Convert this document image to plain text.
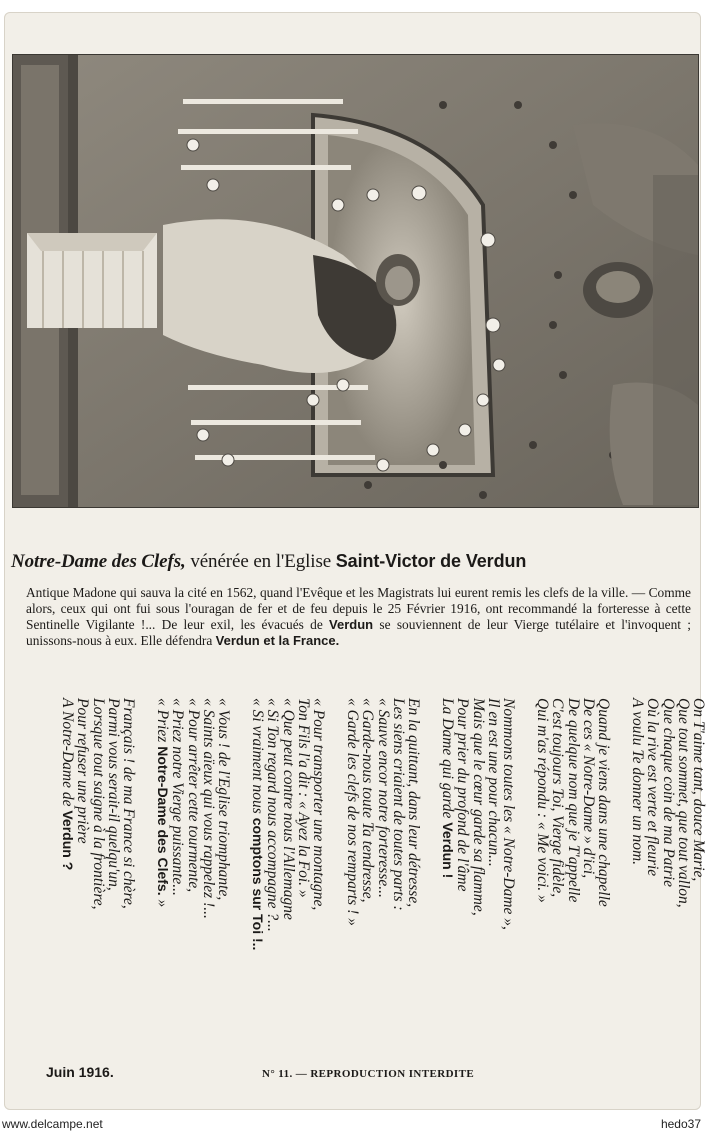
Notre-Dame des Clefs, vénérée en l'Eglise Saint-Victor de Verdun
Antique Madone qui sauva la cité en 1562, quand l'Evêque et les Magistrats lui eurent remis les clefs de la ville. — Comme alors, ceux qui ont fui sous l'ouragan de fer et de feu depuis le 25 Février 1916, ont recommandé la forteresse à cette Sentinelle Vigilante !... De leur exil, les évacués de Verdun se souviennent de leur Vierge tutélaire et l'invoquent ; unissons-nous à eux. Elle défendra Verdun et la France.
On T'aime tant, douce Marie,
Que tout sommet, que tout vallon,
Que chaque coin de ma Patrie
Où la rive est verte et fleurie
A voulu Te donner un nom.
Quand je viens dans une chapelle
De ces « Notre-Dame » d'ici,
De quelque nom que je T'appelle
C'est toujours Toi, Vierge fidèle,
Qui m'as répondu : « Me voici. »
Nommons toutes les « Notre-Dame »,
Il en est une pour chacun...
Mais que le cœur garde sa flamme,
Pour prier du profond de l'âme
La Dame qui garde Verdun !
En la quittant, dans leur détresse,
Les siens criaient de toutes parts :
« Sauve encor notre forteresse...
« Garde-nous toute Ta tendresse,
« Garde les clefs de nos remparts ! »
« Pour transporter une montagne,
Ton Fils l'a dit : « Ayez la Foi. »
« Que peut contre nous l'Allemagne
« Si Ton regard nous accompagne ?...
« Si vraiment nous comptons sur Toi !..
« Vous ! de l'Eglise triomphante,
« Saints aïeux qui vous rappelez !...
« Pour arrêter cette tourmente,
« Priez notre Vierge puissante...
« Priez Notre-Dame des Clefs. »
Français ! de ma France si chère,
Parmi vous serait-il quelqu'un,
Lorsque tout saigne à la frontière,
Pour refuser une prière
A Notre-Dame de Verdun ?
Juin 1916.	N° 11. — REPRODUCTION INTERDITE
www.delcampe.net	hedo37
